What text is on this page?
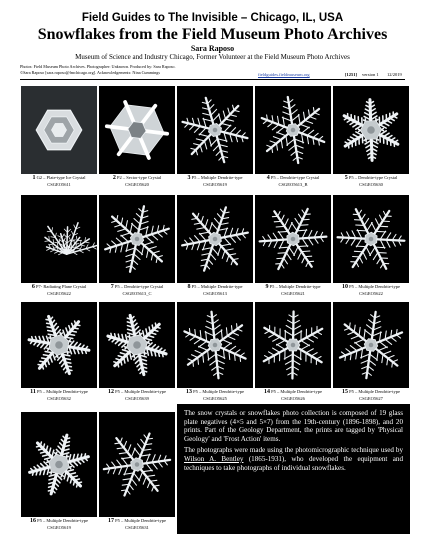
Field Guides to The Invisible – Chicago, IL, USA
Snowflakes from the Field Museum Photo Archives
Sara Raposo
Museum of Science and Industry Chicago, Former Volunteer at the Field Museum Photo Archives
Photos: Field Museum Photo Archives. Photographer: Unknown. Produced by: Sara Raposo.
©Sara Raposo [sara.raposo@fmchicago.org]. Acknowledgements: Nina Cummings	fieldguides.fieldmuseum.org	[1251] version 1 12/2019
1 G2 – Plate-type Ice Crystal
CSGEO5611
2 P2 – Sector-type Crystal
CSGEO5620
3 P5 – Multiple Dendrite-type
CSGEO5619
4 P5 – Dendrite-type Crystal
CSGEO5613_B
5 P5 – Dendrite-type Crystal
CSGEO5630
6 P7- Radiating Plane Crystal
CSGEO5622
7 P5 – Dendrite-type Crystal
CSGEO5613_C
8 P5 – Multiple Dendrite-type
CSGEO5613
9 P5 – Multiple Dendrite-type
CSGEO5621
10 P5 – Multiple Dendrite-type
CSGEO5622
11 P5 – Multiple Dendrite-type
CSGEO5632
12 P5 – Multiple Dendrite-type
CSGEO5639
13 P5 – Multiple Dendrite-type
CSGEO5625
14 P5 – Multiple Dendrite-type
CSGEO5626
15 P5 – Multiple Dendrite-type
CSGEO5627
16 P5 – Multiple Dendrite-type
CSGEO5619
17 P5 – Multiple Dendrite-type
CSGEO5631

The snow crystals or snowflakes photo collection is composed of 19 glass plate negatives (4×5 and 5×7) from the 19th-century (1896-1898), and 20 prints. Part of the Geology Department, the prints are tagged by 'Physical Geology' and 'Frost Action' items.

The photographs were made using the photomicrographic technique used by Wilson A. Bentley (1865-1931), who developed the equipment and techniques to take photographs of individual snowflakes.
